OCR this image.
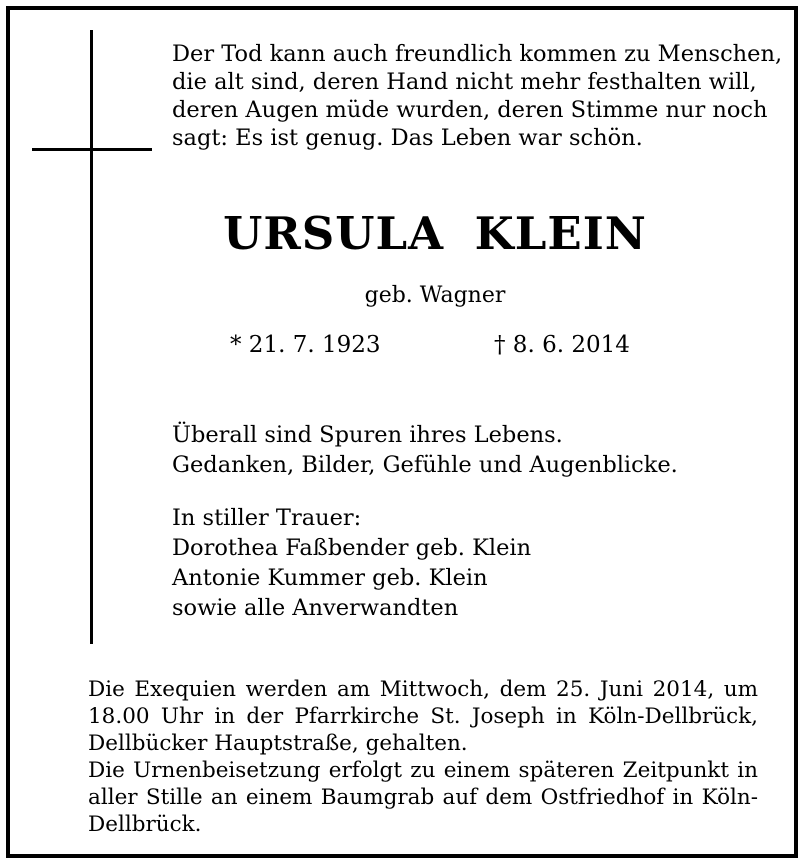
Der Tod kann auch freundlich kommen zu Menschen,
die alt sind, deren Hand nicht mehr festhalten will,
deren Augen müde wurden, deren Stimme nur noch
sagt: Es ist genug. Das Leben war schön.

URSULA KLEIN

geb. Wagner

* 21. 7. 1923	† 8. 6. 2014

Überall sind Spuren ihres Lebens.
Gedanken, Bilder, Gefühle und Augenblicke.

In stiller Trauer:
Dorothea Faßbender geb. Klein
Antonie Kummer geb. Klein
sowie alle Anverwandten

Die Exequien werden am Mittwoch, dem 25. Juni 2014, um
18.00 Uhr in der Pfarrkirche St. Joseph in Köln-Dellbrück,
Dellbücker Hauptstraße, gehalten.
Die Urnenbeisetzung erfolgt zu einem späteren Zeitpunkt in
aller Stille an einem Baumgrab auf dem Ostfriedhof in Köln-
Dellbrück.
